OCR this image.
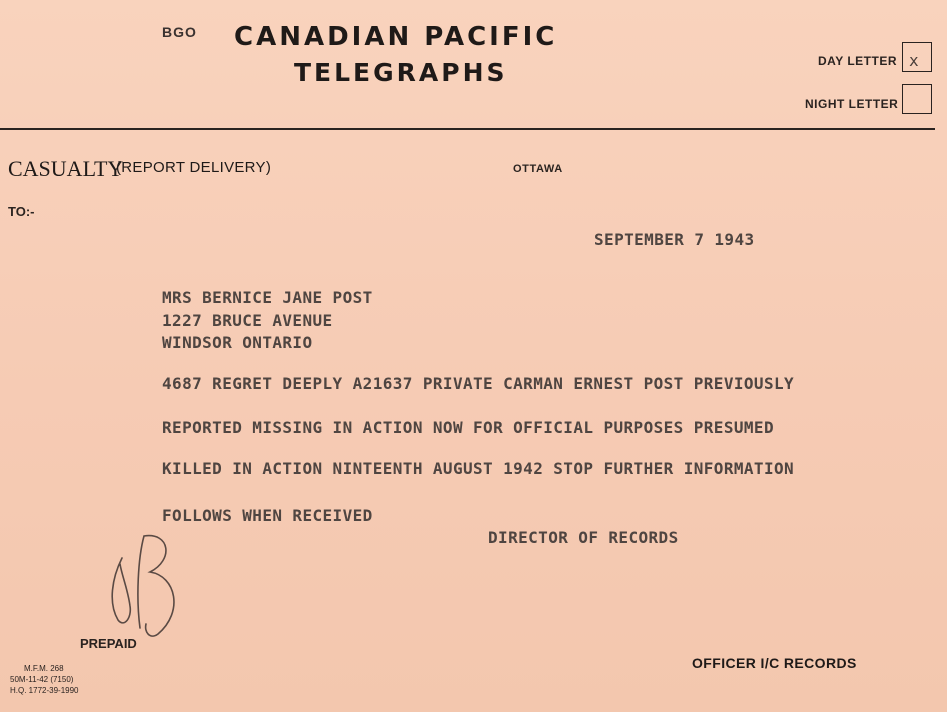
BGO CANADIAN PACIFIC
TELEGRAPHS	DAY LETTER x
NIGHT LETTER
CASUALTY
(REPORT DELIVERY)	OTTAWA
TO:-
SEPTEMBER 7 1943
MRS BERNICE JANE POST
1227 BRUCE AVENUE
WINDSOR ONTARIO
4687 REGRET DEEPLY A21637 PRIVATE CARMAN ERNEST POST PREVIOUSLY
REPORTED MISSING IN ACTION NOW FOR OFFICIAL PURPOSES PRESUMED
KILLED IN ACTION NINTEENTH AUGUST 1942 STOP FURTHER INFORMATION
FOLLOWS WHEN RECEIVED
DIRECTOR OF RECORDS
PREPAID
M.F.M. 268
50M-11-42 (7150)
H.Q. 1772-39-1990
OFFICER I/C RECORDS
